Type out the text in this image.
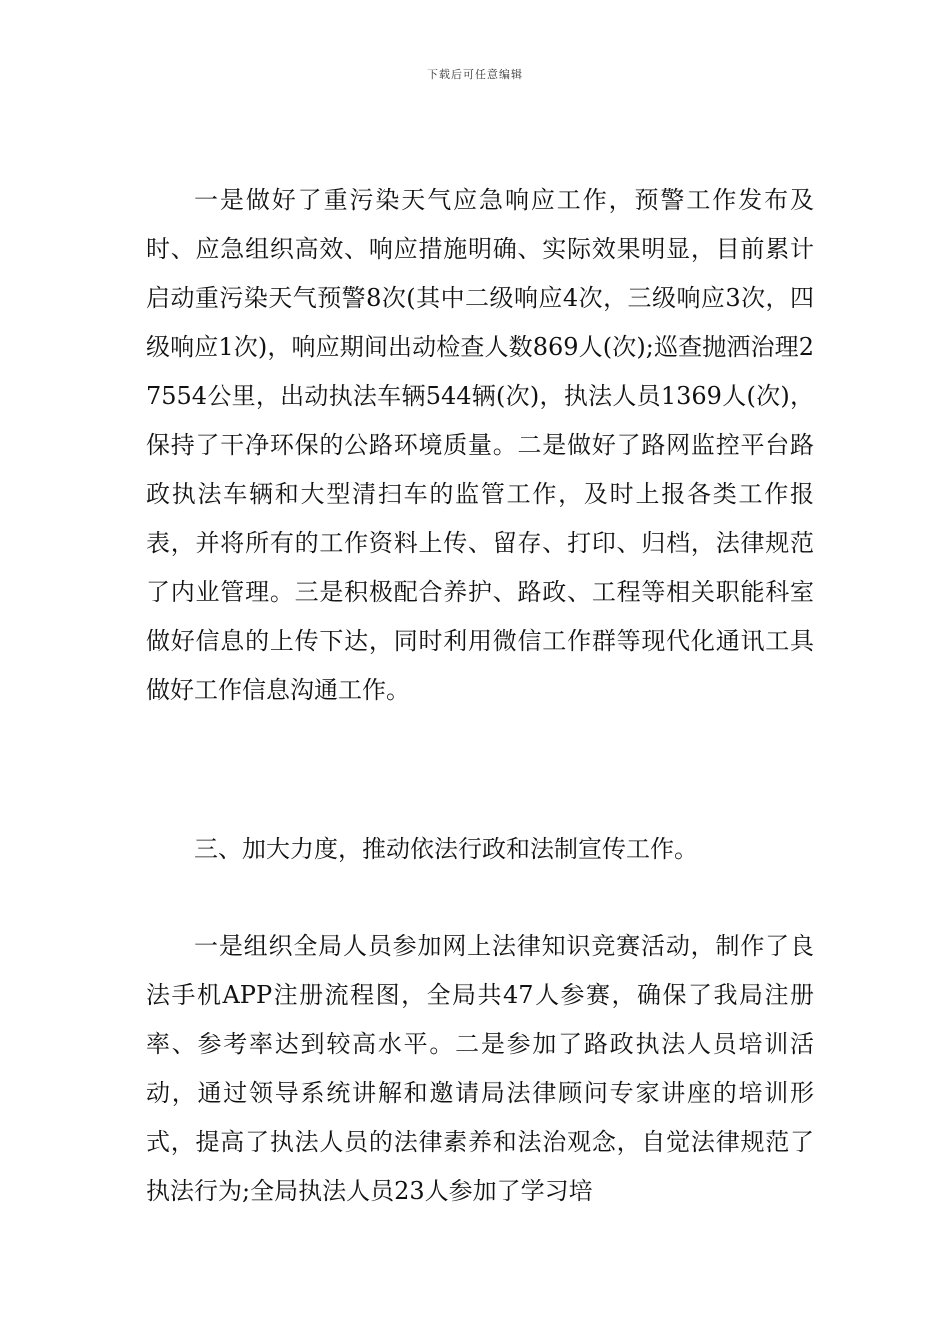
下载后可任意编辑

一是做好了重污染天气应急响应工作，预警工作发布及时、应急组织高效、响应措施明确、实际效果明显，目前累计启动重污染天气预警8次(其中二级响应4次，三级响应3次，四级响应1次)，响应期间出动检查人数869人(次);巡查抛洒治理27554公里，出动执法车辆544辆(次)，执法人员1369人(次)，保持了干净环保的公路环境质量。二是做好了路网监控平台路政执法车辆和大型清扫车的监管工作，及时上报各类工作报表，并将所有的工作资料上传、留存、打印、归档，法律规范了内业管理。三是积极配合养护、路政、工程等相关职能科室做好信息的上传下达，同时利用微信工作群等现代化通讯工具做好工作信息沟通工作。

三、加大力度，推动依法行政和法制宣传工作。

一是组织全局人员参加网上法律知识竞赛活动，制作了良法手机APP注册流程图，全局共47人参赛，确保了我局注册率、参考率达到较高水平。二是参加了路政执法人员培训活动，通过领导系统讲解和邀请局法律顾问专家讲座的培训形式，提高了执法人员的法律素养和法治观念，自觉法律规范了执法行为;全局执法人员23人参加了学习培
